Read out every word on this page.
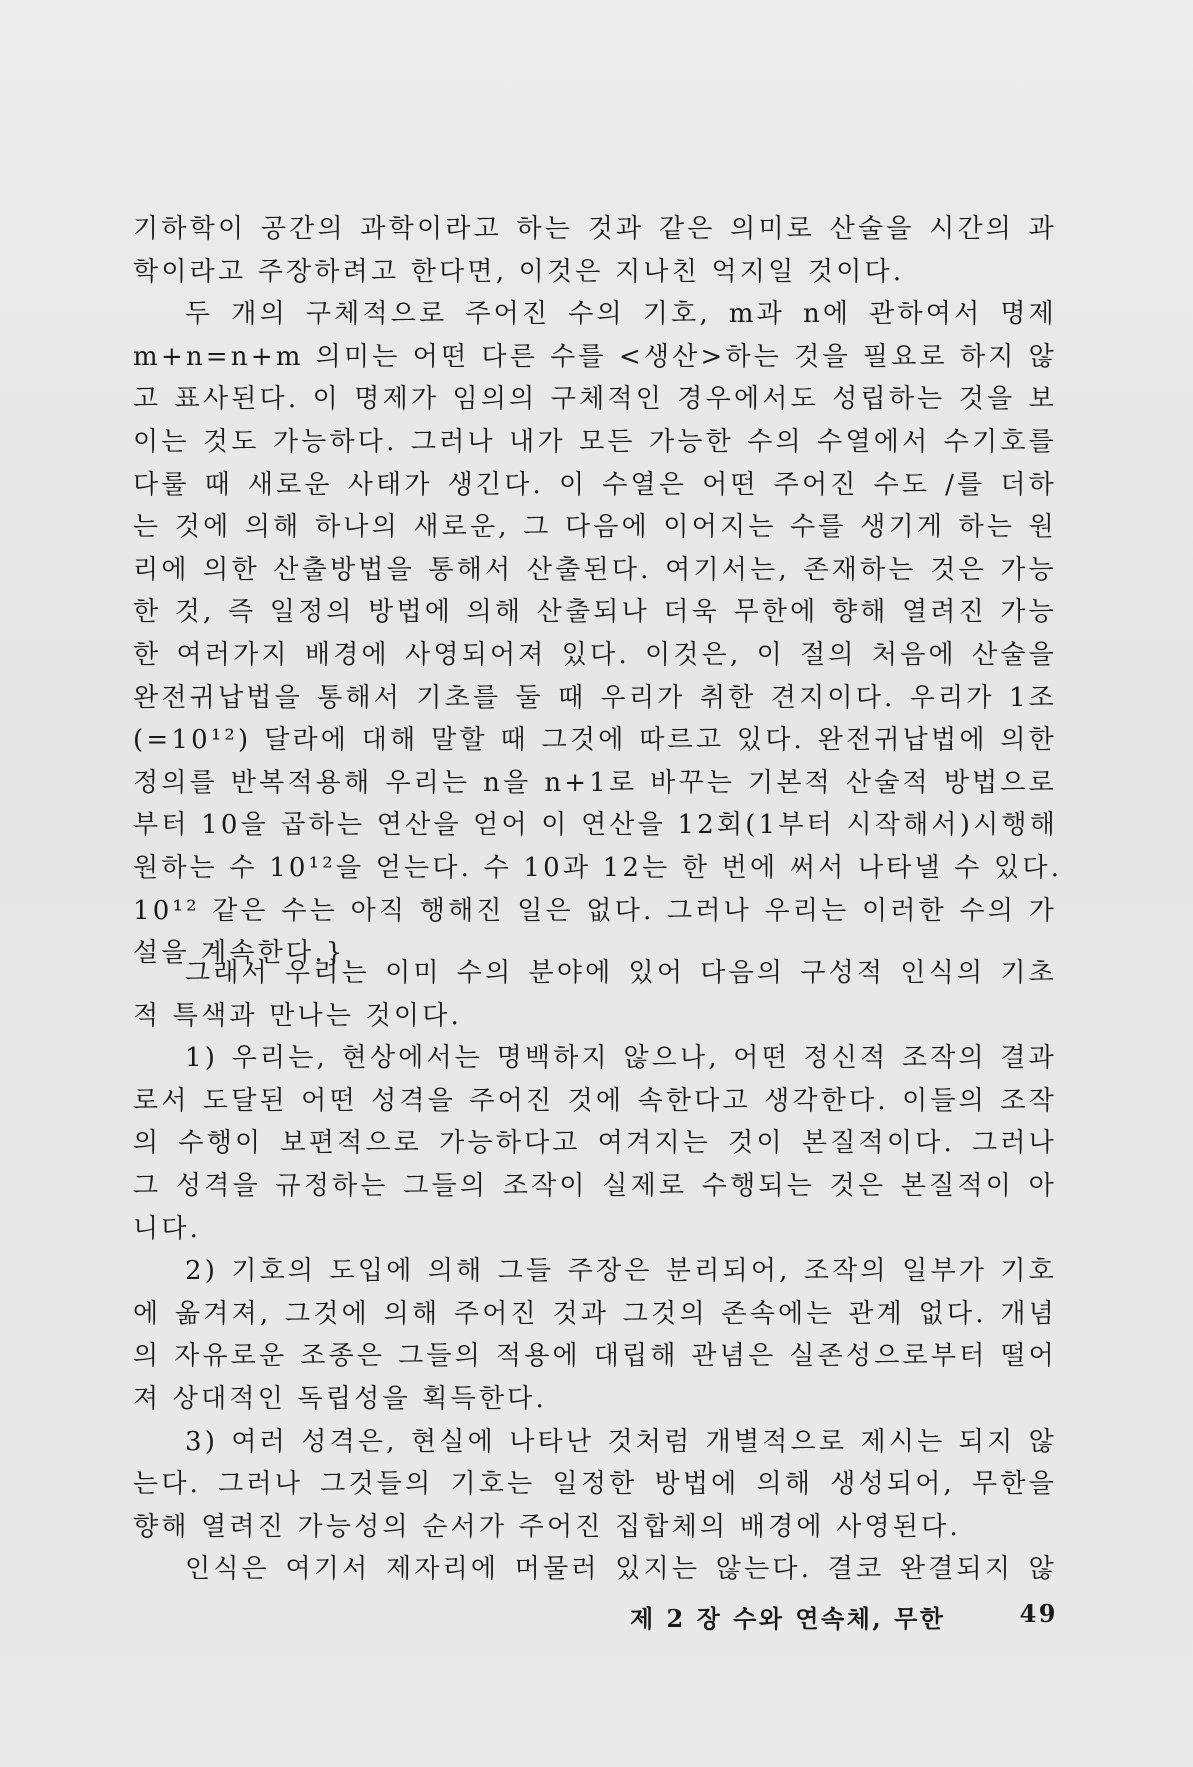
기하학이 공간의 과학이라고 하는 것과 같은 의미로 산술을 시간의 과
학이라고 주장하려고 한다면, 이것은 지나친 억지일 것이다.
두 개의 구체적으로 주어진 수의 기호, m과 n에 관하여서 명제
m+n=n+m 의미는 어떤 다른 수를 <생산>하는 것을 필요로 하지 않
고 표사된다. 이 명제가 임의의 구체적인 경우에서도 성립하는 것을 보
이는 것도 가능하다. 그러나 내가 모든 가능한 수의 수열에서 수기호를
다룰 때 새로운 사태가 생긴다. 이 수열은 어떤 주어진 수도 /를 더하
는 것에 의해 하나의 새로운, 그 다음에 이어지는 수를 생기게 하는 원
리에 의한 산출방법을 통해서 산출된다. 여기서는, 존재하는 것은 가능
한 것, 즉 일정의 방법에 의해 산출되나 더욱 무한에 향해 열려진 가능
한 여러가지 배경에 사영되어져 있다. 이것은, 이 절의 처음에 산술을
완전귀납법을 통해서 기초를 둘 때 우리가 취한 견지이다. 우리가 1조
(=10¹²) 달라에 대해 말할 때 그것에 따르고 있다. 완전귀납법에 의한
정의를 반복적용해 우리는 n을 n+1로 바꾸는 기본적 산술적 방법으로
부터 10을 곱하는 연산을 얻어 이 연산을 12회(1부터 시작해서)시행해
원하는 수 10¹²을 얻는다. 수 10과 12는 한 번에 써서 나타낼 수 있다.
10¹² 같은 수는 아직 행해진 일은 없다. 그러나 우리는 이러한 수의 가
설을 계속한다.}
그래서 우리는 이미 수의 분야에 있어 다음의 구성적 인식의 기초
적 특색과 만나는 것이다.
1) 우리는, 현상에서는 명백하지 않으나, 어떤 정신적 조작의 결과
로서 도달된 어떤 성격을 주어진 것에 속한다고 생각한다. 이들의 조작
의 수행이 보편적으로 가능하다고 여겨지는 것이 본질적이다. 그러나
그 성격을 규정하는 그들의 조작이 실제로 수행되는 것은 본질적이 아
니다.
2) 기호의 도입에 의해 그들 주장은 분리되어, 조작의 일부가 기호
에 옮겨져, 그것에 의해 주어진 것과 그것의 존속에는 관계 없다. 개념
의 자유로운 조종은 그들의 적용에 대립해 관념은 실존성으로부터 떨어
져 상대적인 독립성을 획득한다.
3) 여러 성격은, 현실에 나타난 것처럼 개별적으로 제시는 되지 않
는다. 그러나 그것들의 기호는 일정한 방법에 의해 생성되어, 무한을
향해 열려진 가능성의 순서가 주어진 집합체의 배경에 사영된다.
인식은 여기서 제자리에 머물러 있지는 않는다. 결코 완결되지 않
제 2 장 수와 연속체, 무한	49
